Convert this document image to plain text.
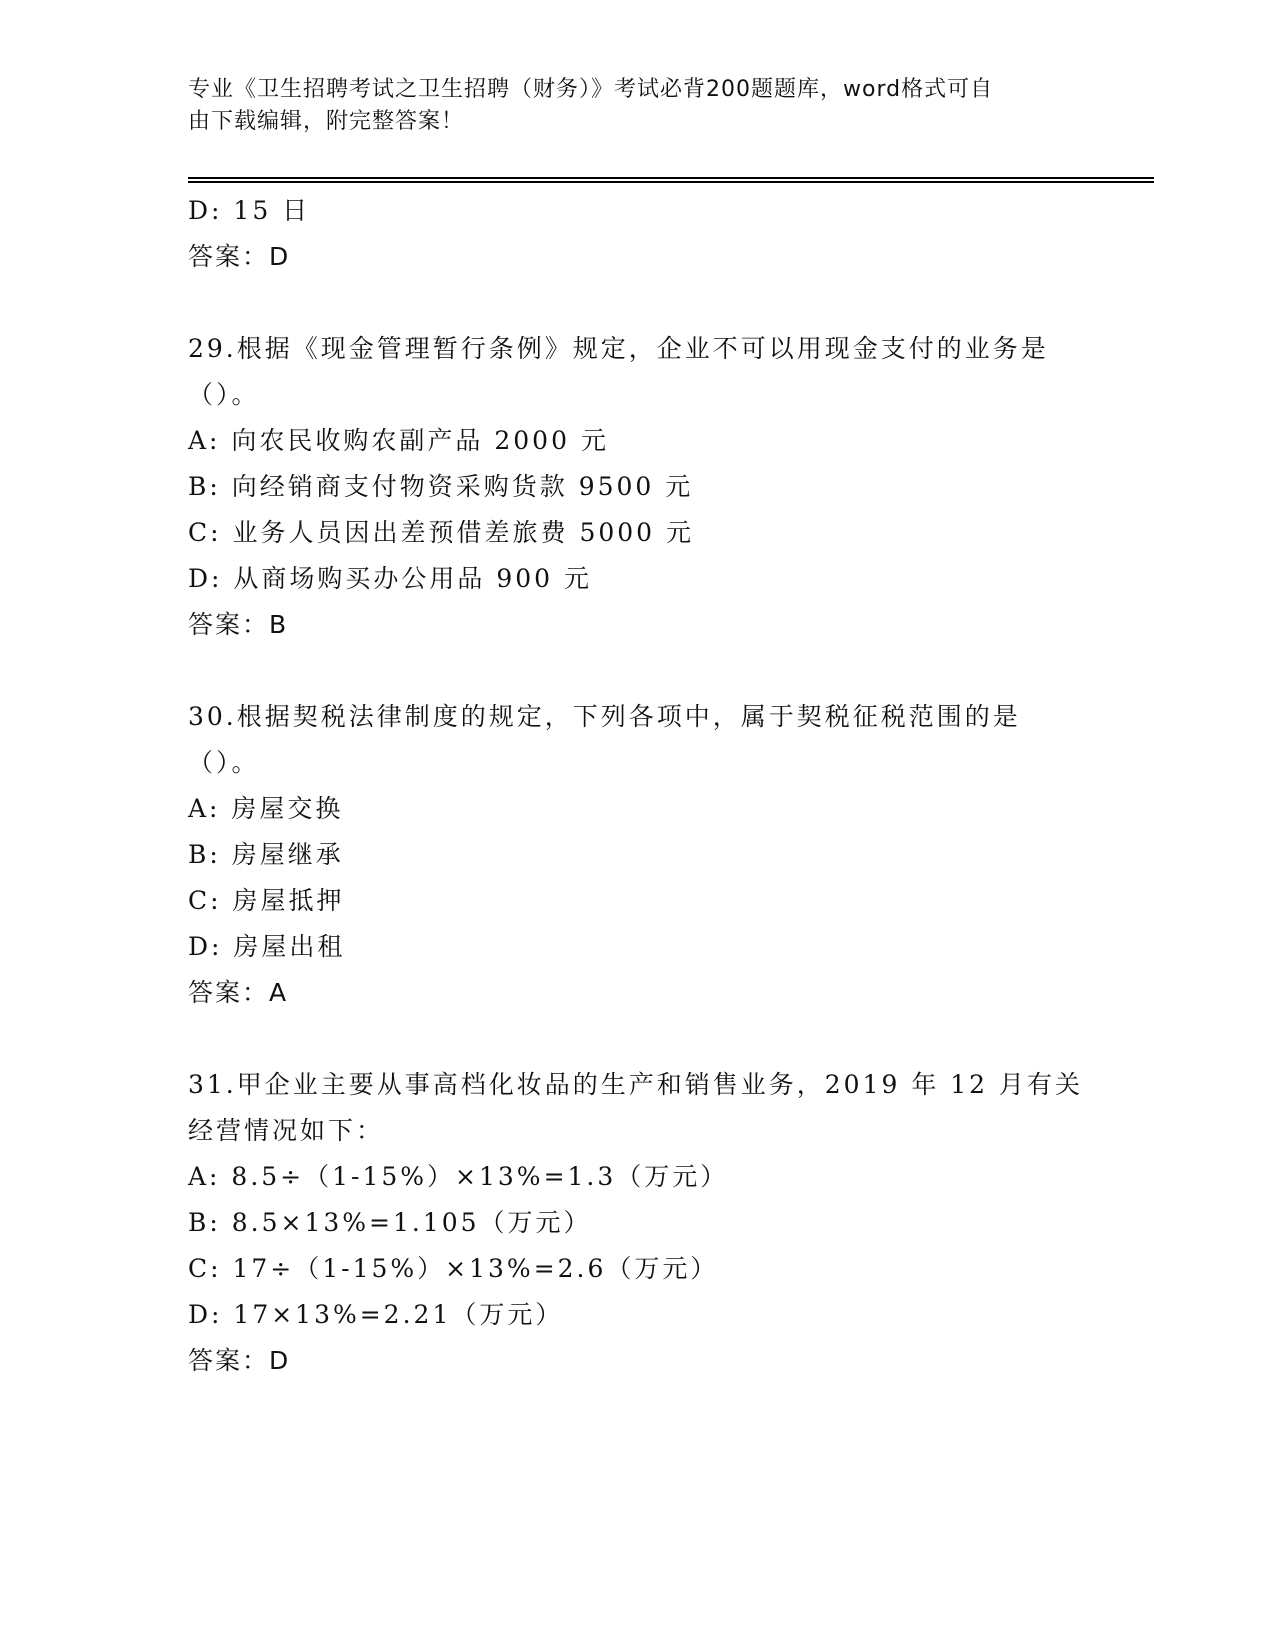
专业《卫生招聘考试之卫生招聘（财务）》考试必背200题题库，word格式可自
由下载编辑，附完整答案！
D: 15 日
答案：D
29.根据《现金管理暂行条例》规定，企业不可以用现金支付的业务是（）。
A: 向农民收购农副产品 2000 元
B: 向经销商支付物资采购货款 9500 元
C: 业务人员因出差预借差旅费 5000 元
D: 从商场购买办公用品 900 元
答案：B
30.根据契税法律制度的规定，下列各项中，属于契税征税范围的是（）。
A: 房屋交换
B: 房屋继承
C: 房屋抵押
D: 房屋出租
答案：A
31.甲企业主要从事高档化妆品的生产和销售业务，2019 年 12 月有关经营情况如下：
A: 8.5÷（1-15%）×13%=1.3（万元）
B: 8.5×13%=1.105（万元）
C: 17÷（1-15%）×13%=2.6（万元）
D: 17×13%=2.21（万元）
答案：D
